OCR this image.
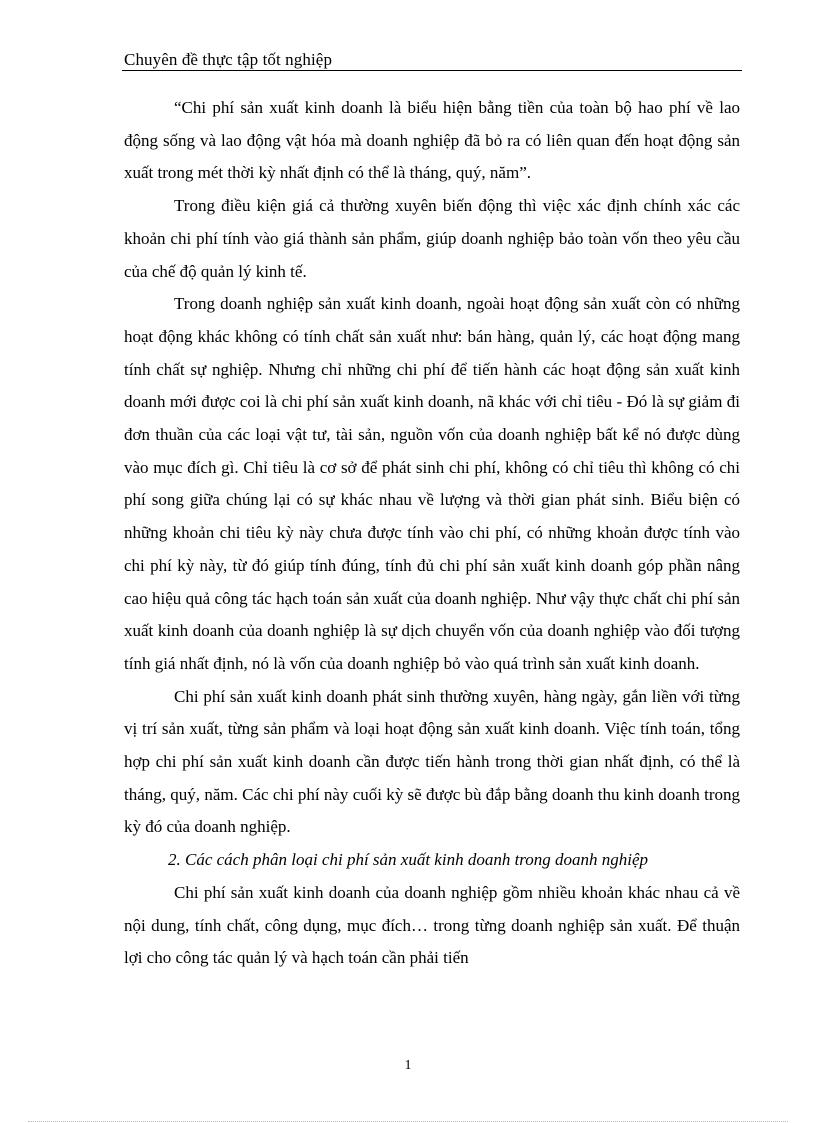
Chuyên đề thực tập tốt nghiệp

“Chi phí sản xuất kinh doanh là biểu hiện bằng tiền của toàn bộ hao phí về lao động sống và lao động vật hóa mà doanh nghiệp đã bỏ ra có liên quan đến hoạt động sản xuất trong mét thời kỳ nhất định có thể là tháng, quý, năm”.

Trong điều kiện giá cả thường xuyên biến động thì việc xác định chính xác các khoản chi phí tính vào giá thành sản phẩm, giúp doanh nghiệp bảo toàn vốn theo yêu cầu của chế độ quản lý kinh tế.

Trong doanh nghiệp sản xuất kinh doanh, ngoài hoạt động sản xuất còn có những hoạt động khác không có tính chất sản xuất như: bán hàng, quản lý, các hoạt động mang tính chất sự nghiệp. Nhưng chỉ những chi phí để tiến hành các hoạt động sản xuất kinh doanh mới được coi là chi phí sản xuất kinh doanh, nã khác với chỉ tiêu - Đó là sự giảm đi đơn thuần của các loại vật tư, tài sản, nguồn vốn của doanh nghiệp bất kể nó được dùng vào mục đích gì. Chỉ tiêu là cơ sở để phát sinh chi phí, không có chỉ tiêu thì không có chi phí song giữa chúng lại có sự khác nhau về lượng và thời gian phát sinh. Biểu biện có những khoản chi tiêu kỳ này chưa được tính vào chi phí, có những khoản được tính vào chi phí kỳ này, từ đó giúp tính đúng, tính đủ chi phí sản xuất kinh doanh góp phần nâng cao hiệu quả công tác hạch toán sản xuất của doanh nghiệp. Như vậy thực chất chi phí sản xuất kinh doanh của doanh nghiệp là sự dịch chuyển vốn của doanh nghiệp vào đối tượng tính giá nhất định, nó là vốn của doanh nghiệp bỏ vào quá trình sản xuất kinh doanh.

Chi phí sản xuất kinh doanh phát sinh thường xuyên, hàng ngày, gắn liền với từng vị trí sản xuất, từng sản phẩm và loại hoạt động sản xuất kinh doanh. Việc tính toán, tổng hợp chi phí sản xuất kinh doanh cần được tiến hành trong thời gian nhất định, có thể là tháng, quý, năm. Các chi phí này cuối kỳ sẽ được bù đắp bằng doanh thu kinh doanh trong kỳ đó của doanh nghiệp.

2. Các cách phân loại chi phí sản xuất kinh doanh trong doanh nghiệp

Chi phí sản xuất kinh doanh của doanh nghiệp gồm nhiều khoản khác nhau cả về nội dung, tính chất, công dụng, mục đích… trong từng doanh nghiệp sản xuất. Để thuận lợi cho công tác quản lý và hạch toán cần phải tiến

1
